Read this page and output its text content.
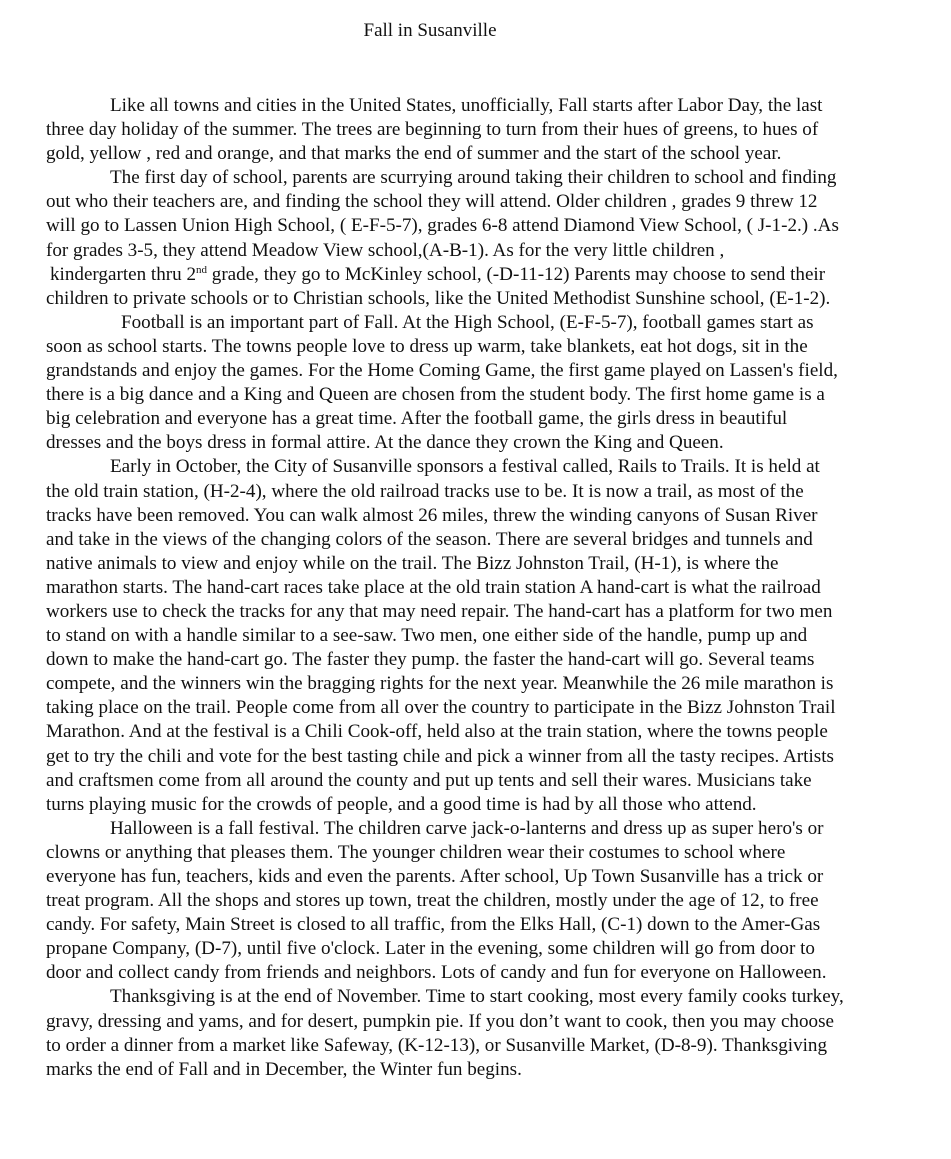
Fall in Susanville
Like all towns and cities in the United States, unofficially, Fall starts after Labor Day, the last
three day holiday of the summer. The trees are beginning to turn from their hues of greens, to hues of
gold, yellow , red and orange, and that marks the end of summer and the start of the school year.
The first day of school, parents are scurrying around taking their children to school and finding
out who their teachers are, and finding the school they will attend. Older children , grades 9 threw 12
will go to Lassen Union High School, ( E-F-5-7), grades 6-8 attend Diamond View School, ( J-1-2.) .As
for grades 3-5, they attend Meadow View school,(A-B-1). As for the very little children ,
kindergarten thru 2nd grade, they go to McKinley school, (-D-11-12) Parents may choose to send their
children to private schools or to Christian schools, like the United Methodist Sunshine school, (E-1-2).
Football is an important part of Fall. At the High School, (E-F-5-7), football games start as
soon as school starts. The towns people love to dress up warm, take blankets, eat hot dogs, sit in the
grandstands and enjoy the games. For the Home Coming Game, the first game played on Lassen's field,
there is a big dance and a King and Queen are chosen from the student body. The first home game is a
big celebration and everyone has a great time. After the football game, the girls dress in beautiful
dresses and the boys dress in formal attire. At the dance they crown the King and Queen.
Early in October, the City of Susanville sponsors a festival called, Rails to Trails. It is held at
the old train station, (H-2-4), where the old railroad tracks use to be. It is now a trail, as most of the
tracks have been removed. You can walk almost 26 miles, threw the winding canyons of Susan River
and take in the views of the changing colors of the season. There are several bridges and tunnels and
native animals to view and enjoy while on the trail. The Bizz Johnston Trail, (H-1), is where the
marathon starts. The hand-cart races take place at the old train station A hand-cart is what the railroad
workers use to check the tracks for any that may need repair. The hand-cart has a platform for two men
to stand on with a handle similar to a see-saw. Two men, one either side of the handle, pump up and
down to make the hand-cart go. The faster they pump. the faster the hand-cart will go. Several teams
compete, and the winners win the bragging rights for the next year. Meanwhile the 26 mile marathon is
taking place on the trail. People come from all over the country to participate in the Bizz Johnston Trail
Marathon. And at the festival is a Chili Cook-off, held also at the train station, where the towns people
get to try the chili and vote for the best tasting chile and pick a winner from all the tasty recipes. Artists
and craftsmen come from all around the county and put up tents and sell their wares. Musicians take
turns playing music for the crowds of people, and a good time is had by all those who attend.
Halloween is a fall festival. The children carve jack-o-lanterns and dress up as super hero's or
clowns or anything that pleases them. The younger children wear their costumes to school where
everyone has fun, teachers, kids and even the parents. After school, Up Town Susanville has a trick or
treat program. All the shops and stores up town, treat the children, mostly under the age of 12, to free
candy. For safety, Main Street is closed to all traffic, from the Elks Hall, (C-1) down to the Amer-Gas
propane Company, (D-7), until five o'clock. Later in the evening, some children will go from door to
door and collect candy from friends and neighbors. Lots of candy and fun for everyone on Halloween.
Thanksgiving is at the end of November. Time to start cooking, most every family cooks turkey,
gravy, dressing and yams, and for desert, pumpkin pie. If you don’t want to cook, then you may choose
to order a dinner from a market like Safeway, (K-12-13), or Susanville Market, (D-8-9). Thanksgiving
marks the end of Fall and in December, the Winter fun begins.
